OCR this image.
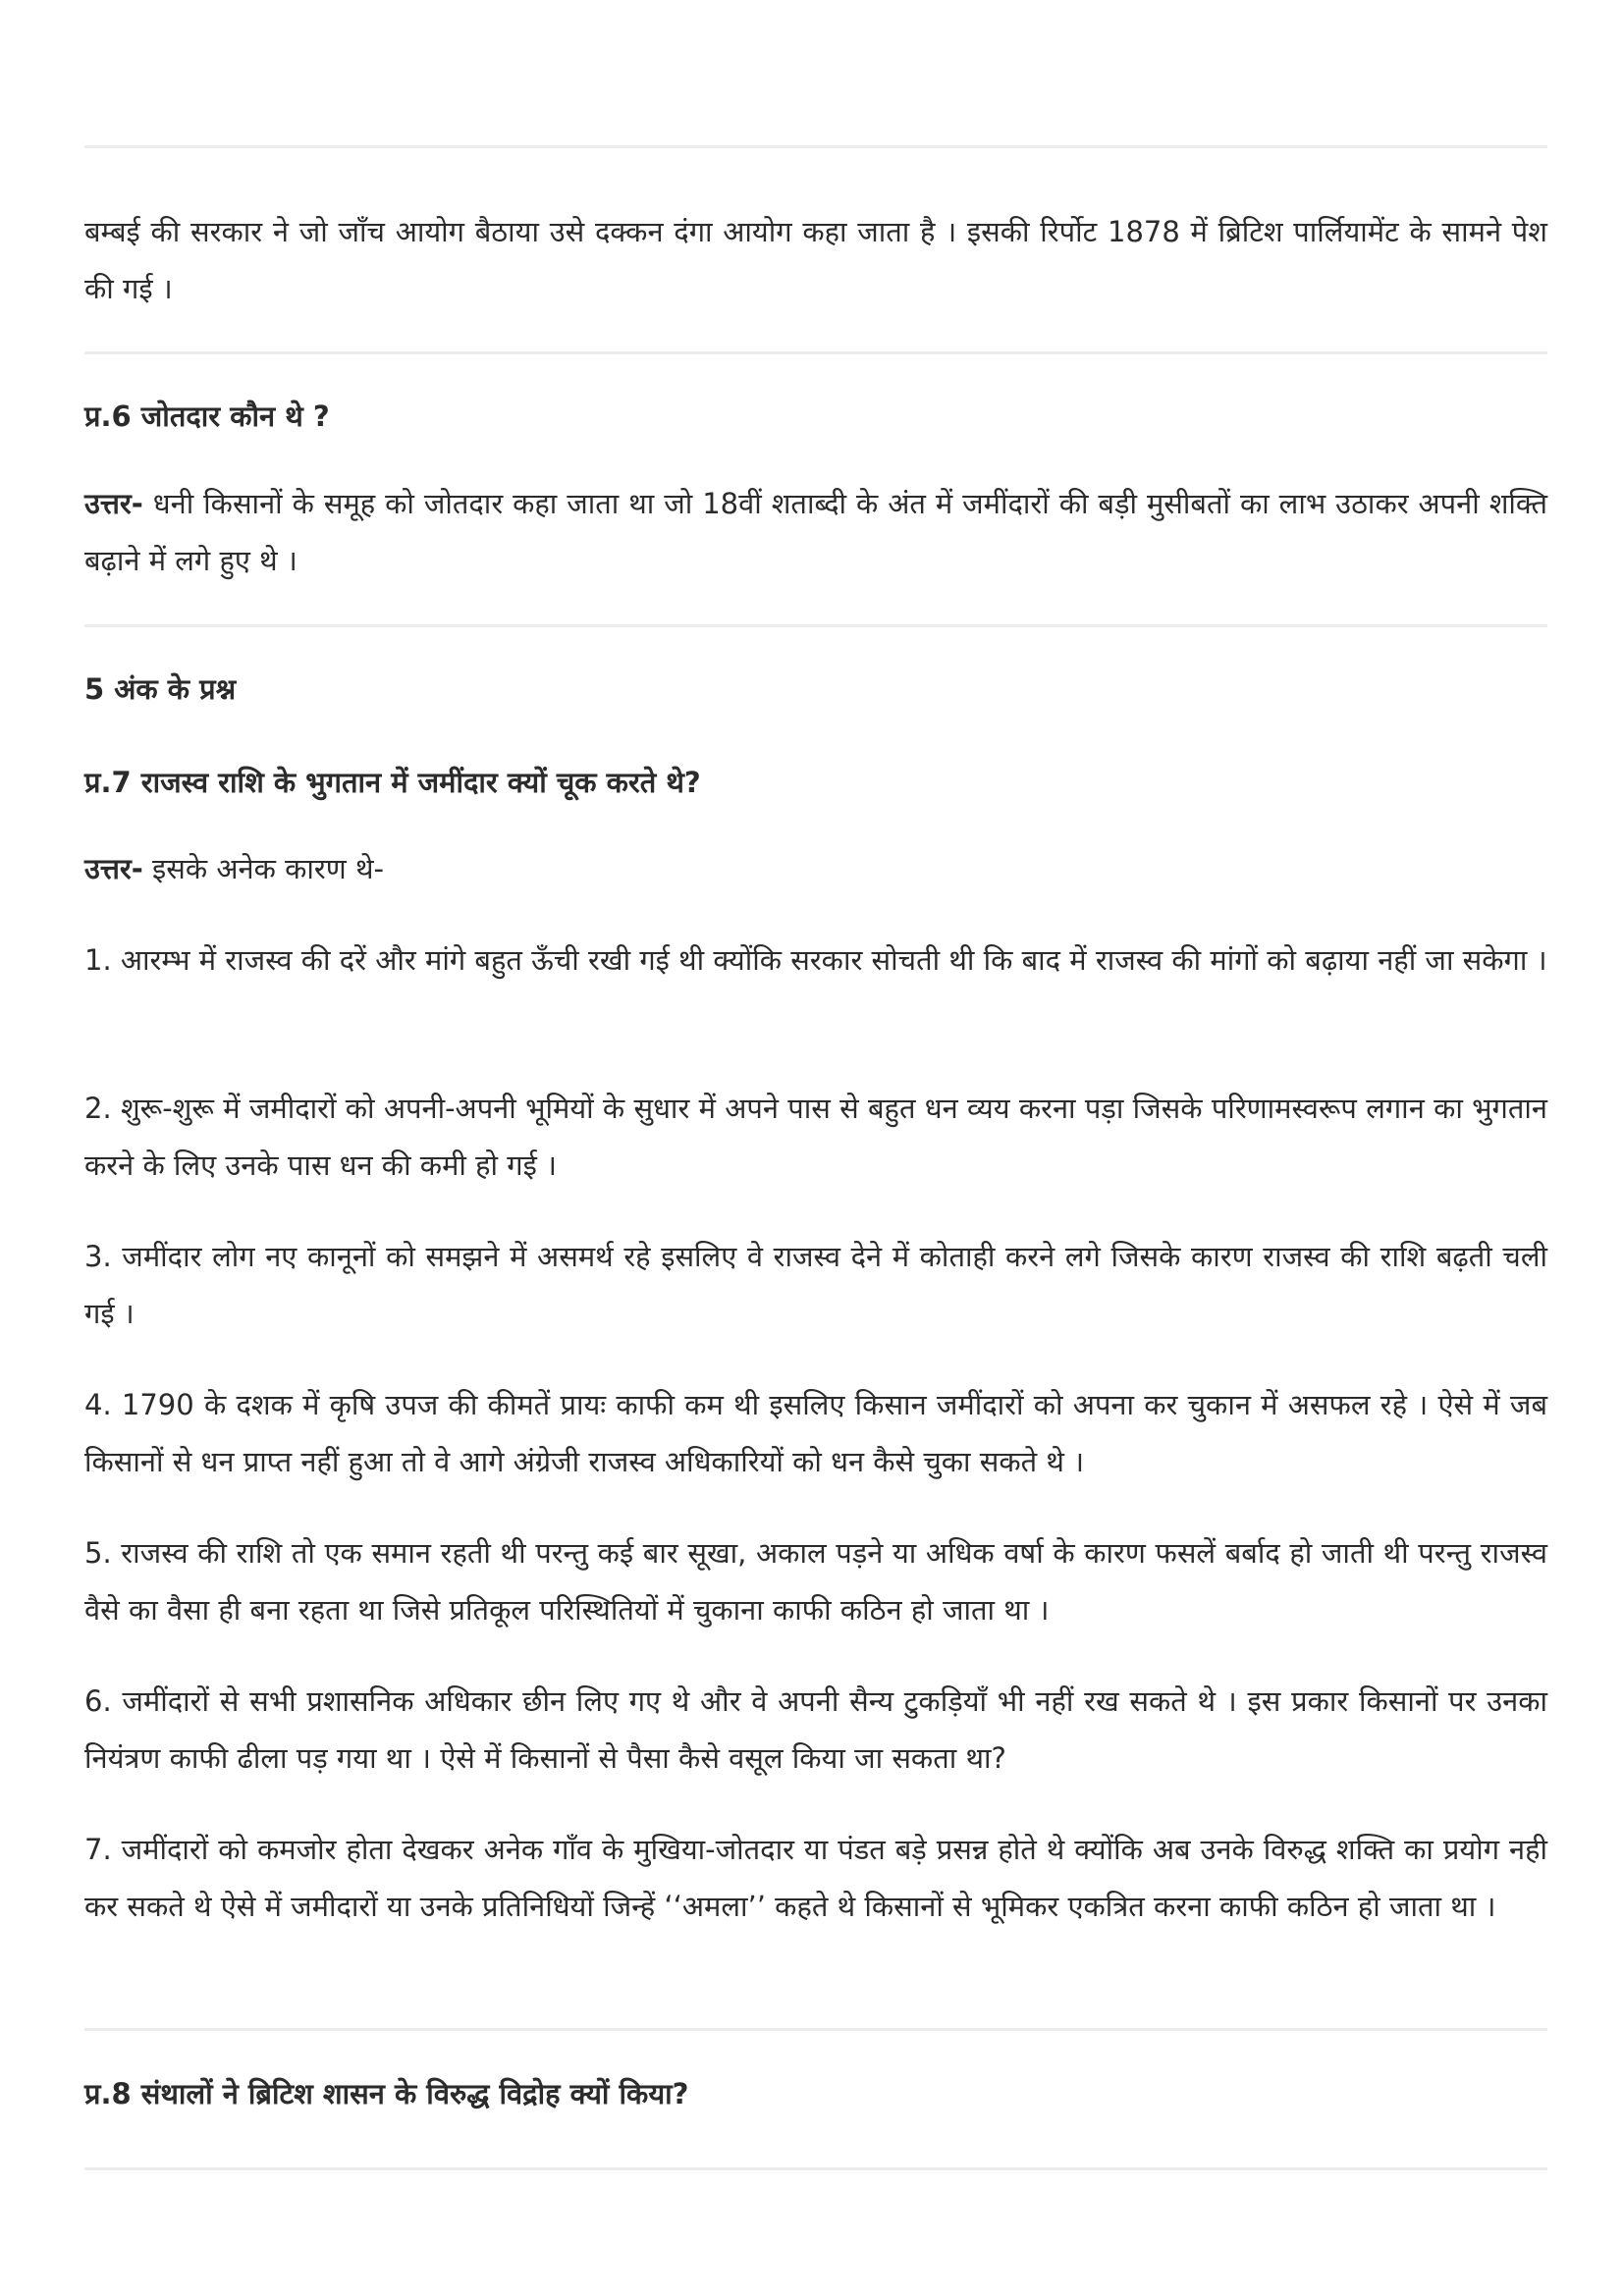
बम्बई की सरकार ने जो जाँच आयोग बैठाया उसे दक्कन दंगा आयोग कहा जाता है । इसकी रिर्पोट 1878 में ब्रिटिश पार्लियामेंट के सामने पेश की गई ।

प्र.6 जोतदार कौन थे ?

उत्तर- धनी किसानों के समूह को जोतदार कहा जाता था जो 18वीं शताब्दी के अंत में जमींदारों की बड़ी मुसीबतों का लाभ उठाकर अपनी शक्ति बढ़ाने में लगे हुए थे ।

5 अंक के प्रश्न

प्र.7 राजस्व राशि के भुगतान में जमींदार क्यों चूक करते थे?

उत्तर- इसके अनेक कारण थे-

1. आरम्भ में राजस्व की दरें और मांगे बहुत ऊँची रखी गई थी क्योंकि सरकार सोचती थी कि बाद में राजस्व की मांगों को बढ़ाया नहीं जा सकेगा ।

2. शुरू-शुरू में जमीदारों को अपनी-अपनी भूमियों के सुधार में अपने पास से बहुत धन व्यय करना पड़ा जिसके परिणामस्वरूप लगान का भुगतान करने के लिए उनके पास धन की कमी हो गई ।

3. जमींदार लोग नए कानूनों को समझने में असमर्थ रहे इसलिए वे राजस्व देने में कोताही करने लगे जिसके कारण राजस्व की राशि बढ़ती चली गई ।

4. 1790 के दशक में कृषि उपज की कीमतें प्रायः काफी कम थी इसलिए किसान जमींदारों को अपना कर चुकान में असफल रहे । ऐसे में जब किसानों से धन प्राप्त नहीं हुआ तो वे आगे अंग्रेजी राजस्व अधिकारियों को धन कैसे चुका सकते थे ।

5. राजस्व की राशि तो एक समान रहती थी परन्तु कई बार सूखा, अकाल पड़ने या अधिक वर्षा के कारण फसलें बर्बाद हो जाती थी परन्तु राजस्व वैसे का वैसा ही बना रहता था जिसे प्रतिकूल परिस्थितियों में चुकाना काफी कठिन हो जाता था ।

6. जमींदारों से सभी प्रशासनिक अधिकार छीन लिए गए थे और वे अपनी सैन्य टुकड़ियाँ भी नहीं रख सकते थे । इस प्रकार किसानों पर उनका नियंत्रण काफी ढीला पड़ गया था । ऐसे में किसानों से पैसा कैसे वसूल किया जा सकता था?

7. जमींदारों को कमजोर होता देखकर अनेक गाँव के मुखिया-जोतदार या पंडत बड़े प्रसन्न होते थे क्योंकि अब उनके विरुद्ध शक्ति का प्रयोग नही कर सकते थे ऐसे में जमीदारों या उनके प्रतिनिधियों जिन्हें ‘‘अमला’’ कहते थे किसानों से भूमिकर एकत्रित करना काफी कठिन हो जाता था ।

प्र.8 संथालों ने ब्रिटिश शासन के विरुद्ध विद्रोह क्यों किया?
